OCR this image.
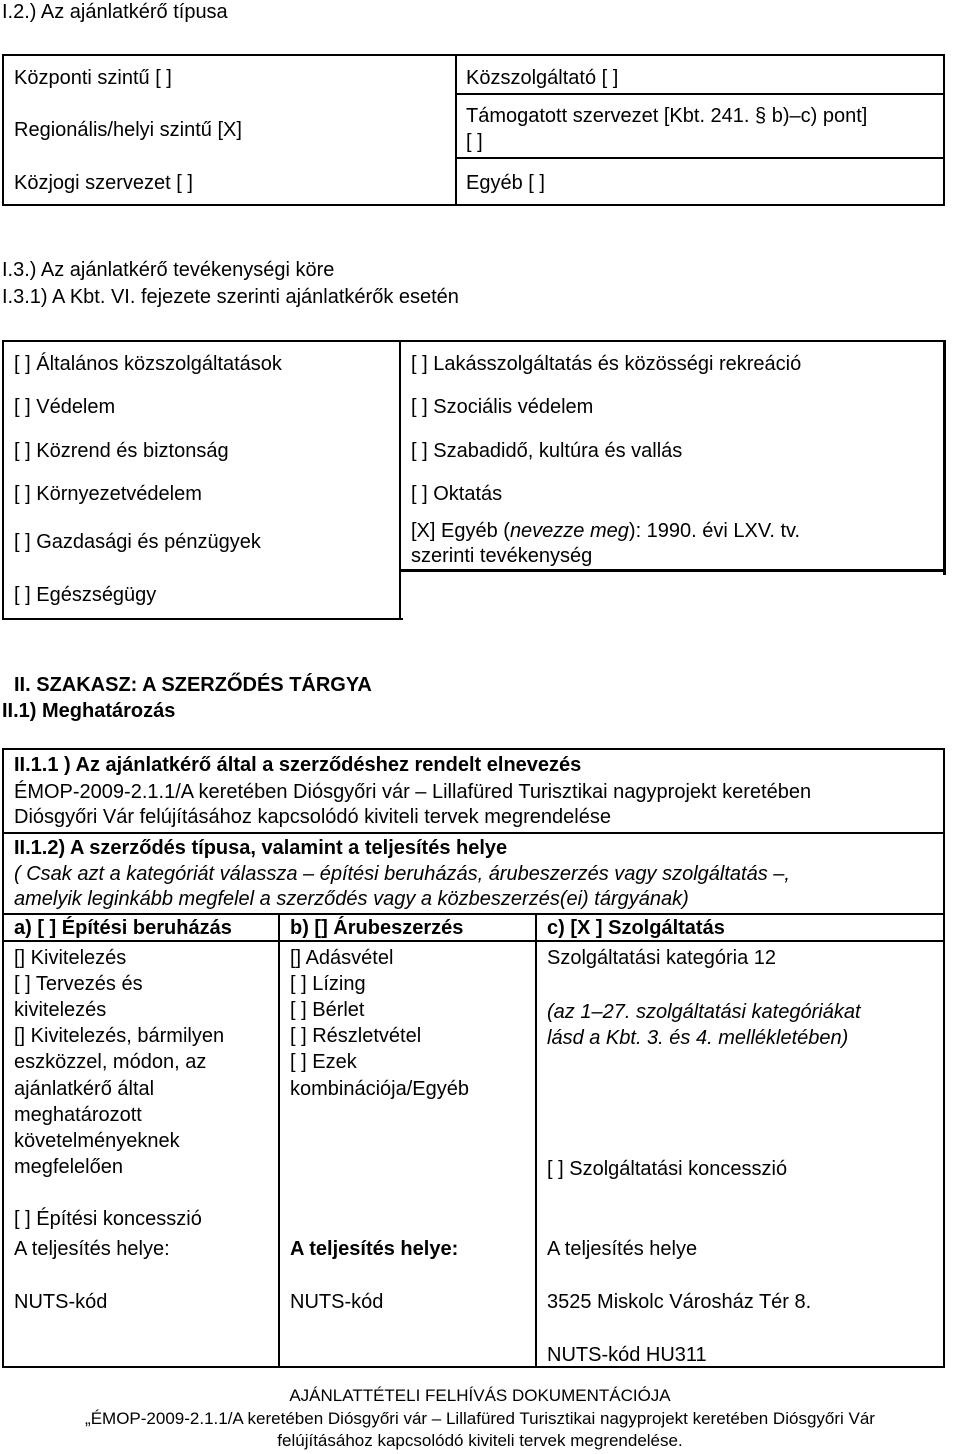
I.2.) Az ajánlatkérő típusa
Központi szintű [ ]
Regionális/helyi szintű [X]
Közjogi szervezet [ ]
Közszolgáltató [ ]
Támogatott szervezet [Kbt. 241. § b)–c) pont]
[ ]
Egyéb [ ]
I.3.) Az ajánlatkérő tevékenységi köre
I.3.1) A Kbt. VI. fejezete szerinti ajánlatkérők esetén
[ ] Általános közszolgáltatások
[ ] Védelem
[ ] Közrend és biztonság
[ ] Környezetvédelem
[ ] Gazdasági és pénzügyek
[ ] Egészségügy
[ ] Lakásszolgáltatás és közösségi rekreáció
[ ] Szociális védelem
[ ] Szabadidő, kultúra és vallás
[ ] Oktatás
[X] Egyéb (nevezze meg): 1990. évi LXV. tv.
szerinti tevékenység
II. SZAKASZ: A SZERZŐDÉS TÁRGYA
II.1) Meghatározás
II.1.1 ) Az ajánlatkérő által a szerződéshez rendelt elnevezés
ÉMOP-2009-2.1.1/A keretében Diósgyőri vár – Lillafüred Turisztikai nagyprojekt keretében
Diósgyőri Vár felújításához kapcsolódó kiviteli tervek megrendelése
II.1.2) A szerződés típusa, valamint a teljesítés helye
( Csak azt a kategóriát válassza – építési beruházás, árubeszerzés vagy szolgáltatás –,
amelyik leginkább megfelel a szerződés vagy a közbeszerzés(ei) tárgyának)
a) [ ] Építési beruházás	b) [] Árubeszerzés	c) [X ] Szolgáltatás
[] Kivitelezés
[ ] Tervezés és
kivitelezés
[] Kivitelezés, bármilyen
eszközzel, módon, az
ajánlatkérő által
meghatározott
követelményeknek
megfelelően
[ ] Építési koncesszió
A teljesítés helye:
NUTS-kód
[] Adásvétel
[ ] Lízing
[ ] Bérlet
[ ] Részletvétel
[ ] Ezek
kombinációja/Egyéb
A teljesítés helye:
NUTS-kód
Szolgáltatási kategória 12
(az 1–27. szolgáltatási kategóriákat
lásd a Kbt. 3. és 4. mellékletében)
[ ] Szolgáltatási koncesszió
A teljesítés helye
3525 Miskolc Városház Tér 8.
NUTS-kód HU311
AJÁNLATTÉTELI FELHÍVÁS DOKUMENTÁCIÓJA
„ÉMOP-2009-2.1.1/A keretében Diósgyőri vár – Lillafüred Turisztikai nagyprojekt keretében Diósgyőri Vár
felújításához kapcsolódó kiviteli tervek megrendelése.
